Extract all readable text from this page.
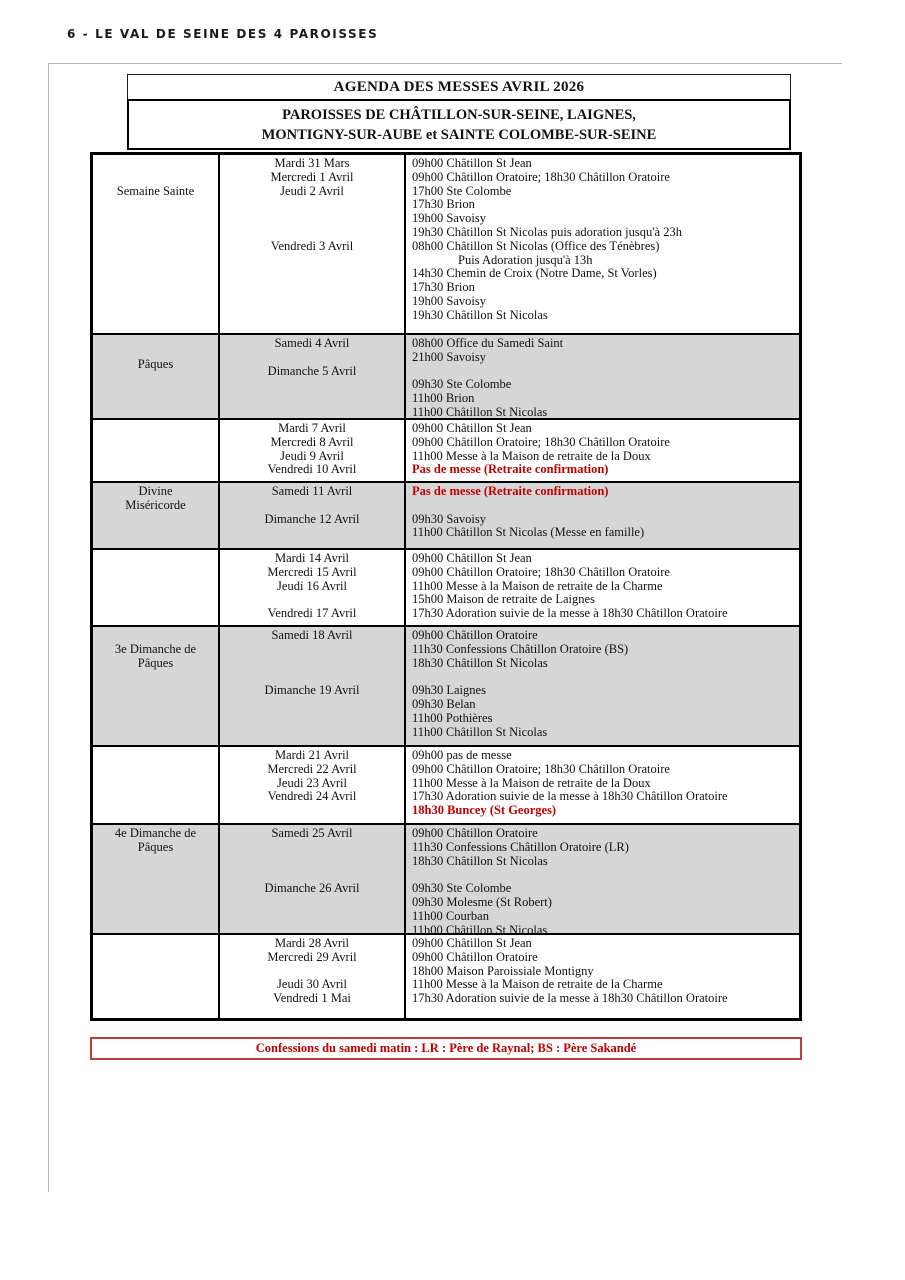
6 - LE VAL DE SEINE DES 4 PAROISSES
AGENDA DES MESSES AVRIL 2026
PAROISSES DE CHÂTILLON-SUR-SEINE, LAIGNES,
MONTIGNY-SUR-AUBE et SAINTE COLOMBE-SUR-SEINE
Semaine Sainte
Mardi 31 Mars
Mercredi 1 Avril
Jeudi 2 Avril

Vendredi 3 Avril
09h00 Châtillon St Jean
09h00 Châtillon Oratoire; 18h30 Châtillon Oratoire
17h00 Ste Colombe
17h30 Brion
19h00 Savoisy
19h30 Châtillon St Nicolas puis adoration jusqu'à 23h
08h00 Châtillon St Nicolas (Office des Ténèbres)
Puis Adoration jusqu'à 13h
14h30 Chemin de Croix (Notre Dame, St Vorles)
17h30 Brion
19h00 Savoisy
19h30 Châtillon St Nicolas
Pâques
Samedi 4 Avril

Dimanche 5 Avril
08h00 Office du Samedi Saint
21h00 Savoisy

09h30 Ste Colombe
11h00 Brion
11h00 Châtillon St Nicolas
Mardi 7 Avril
Mercredi 8 Avril
Jeudi 9 Avril
Vendredi 10 Avril
09h00 Châtillon St Jean
09h00 Châtillon Oratoire; 18h30 Châtillon Oratoire
11h00 Messe à la Maison de retraite de la Doux
Pas de messe (Retraite confirmation)
Divine
Miséricorde
Samedi 11 Avril

Dimanche 12 Avril
Pas de messe (Retraite confirmation)

09h30 Savoisy
11h00 Châtillon St Nicolas (Messe en famille)
Mardi 14 Avril
Mercredi 15 Avril
Jeudi 16 Avril

Vendredi 17 Avril
09h00 Châtillon St Jean
09h00 Châtillon Oratoire; 18h30 Châtillon Oratoire
11h00 Messe à la Maison de retraite de la Charme
15h00 Maison de retraite de Laignes
17h30 Adoration suivie de la messe à 18h30 Châtillon Oratoire
3e Dimanche de
Pâques
Samedi 18 Avril

Dimanche 19 Avril
09h00 Châtillon Oratoire
11h30 Confessions Châtillon Oratoire (BS)
18h30 Châtillon St Nicolas

09h30 Laignes
09h30 Belan
11h00 Pothières
11h00 Châtillon St Nicolas
Mardi 21 Avril
Mercredi 22 Avril
Jeudi 23 Avril
Vendredi 24 Avril
09h00 pas de messe
09h00 Châtillon Oratoire; 18h30 Châtillon Oratoire
11h00 Messe à la Maison de retraite de la Doux
17h30 Adoration suivie de la messe à 18h30 Châtillon Oratoire
18h30 Buncey (St Georges)
4e Dimanche de
Pâques
Samedi 25 Avril

Dimanche 26 Avril
09h00 Châtillon Oratoire
11h30 Confessions Châtillon Oratoire (LR)
18h30 Châtillon St Nicolas

09h30 Ste Colombe
09h30 Molesme (St Robert)
11h00 Courban
11h00 Châtillon St Nicolas
Mardi 28 Avril
Mercredi 29 Avril

Jeudi 30 Avril
Vendredi 1 Mai
09h00 Châtillon St Jean
09h00 Châtillon Oratoire
18h00 Maison Paroissiale Montigny
11h00 Messe à la Maison de retraite de la Charme
17h30 Adoration suivie de la messe à 18h30 Châtillon Oratoire
Confessions du samedi matin : LR : Père de Raynal; BS : Père Sakandé
